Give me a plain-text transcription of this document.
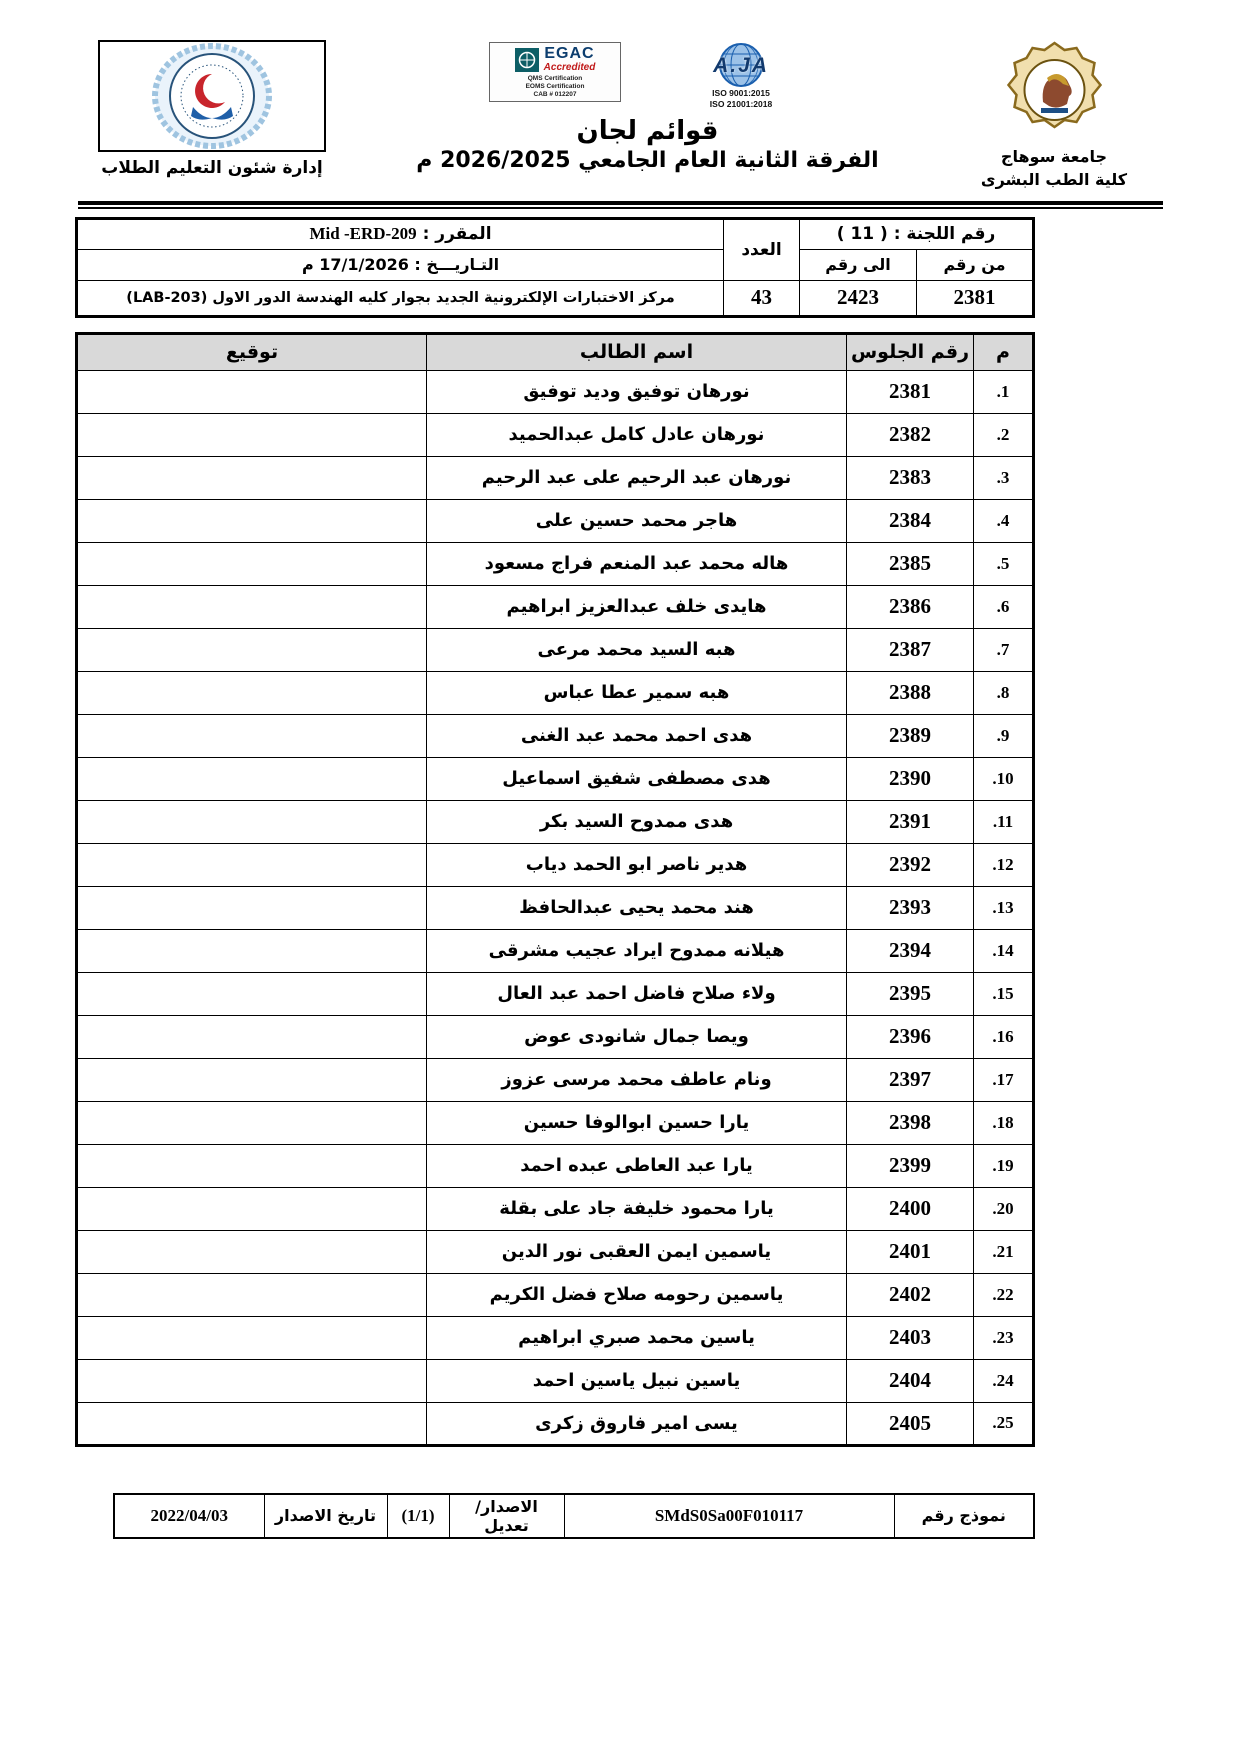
إدارة شئون التعليم الطلاب
EGAC
Accredited
QMS Certification
EOMS Certification
CAB # 012207
A.JA
ISO 9001:2015
ISO 21001:2018
قوائم لجان
الفرقة الثانية العام الجامعي 2026/2025 م	جامعة سوهاج
كلية الطب البشرى
رقم اللجنة : ( 11 )		العدد	المقرر : Mid -ERD-209
من رقم	الى رقم		التـاريـــخ : 17/1/2026 م
2381	2423	43	مركز الاختبارات الإلكترونية الجديد بجوار كليه الهندسة الدور الاول (LAB-203)
م	رقم الجلوس	اسم الطالب	توقيع
1.	2381	نورهان توفيق وديد توفيق	
2.	2382	نورهان عادل كامل عبدالحميد	
3.	2383	نورهان عبد الرحيم على عبد الرحيم	
4.	2384	هاجر محمد حسين على	
5.	2385	هاله محمد عبد المنعم فراج مسعود	
6.	2386	هايدى خلف عبدالعزيز ابراهيم	
7.	2387	هبه السيد محمد مرعى	
8.	2388	هبه سمير عطا عباس	
9.	2389	هدى احمد محمد عبد الغنى	
10.	2390	هدى مصطفى شفيق اسماعيل	
11.	2391	هدى ممدوح السيد بكر	
12.	2392	هدير ناصر ابو الحمد دياب	
13.	2393	هند محمد يحيى عبدالحافظ	
14.	2394	هيلانه ممدوح ايراد عجيب مشرقى	
15.	2395	ولاء صلاح فاضل احمد عبد العال	
16.	2396	ويصا جمال شانودى عوض	
17.	2397	ونام عاطف محمد مرسى عزوز	
18.	2398	يارا حسين ابوالوفا حسين	
19.	2399	يارا عبد العاطى عبده احمد	
20.	2400	يارا محمود خليفة جاد على بقلة	
21.	2401	ياسمين ايمن العقبى نور الدين	
22.	2402	ياسمين رحومه صلاح فضل الكريم	
23.	2403	ياسين محمد صبري ابراهيم	
24.	2404	ياسين نبيل ياسين احمد	
25.	2405	يسى امير فاروق زكرى	
نموذج رقم	SMdS0Sa00F010117	الاصدار/تعديل	(1/1)	تاريخ الاصدار	2022/04/03
